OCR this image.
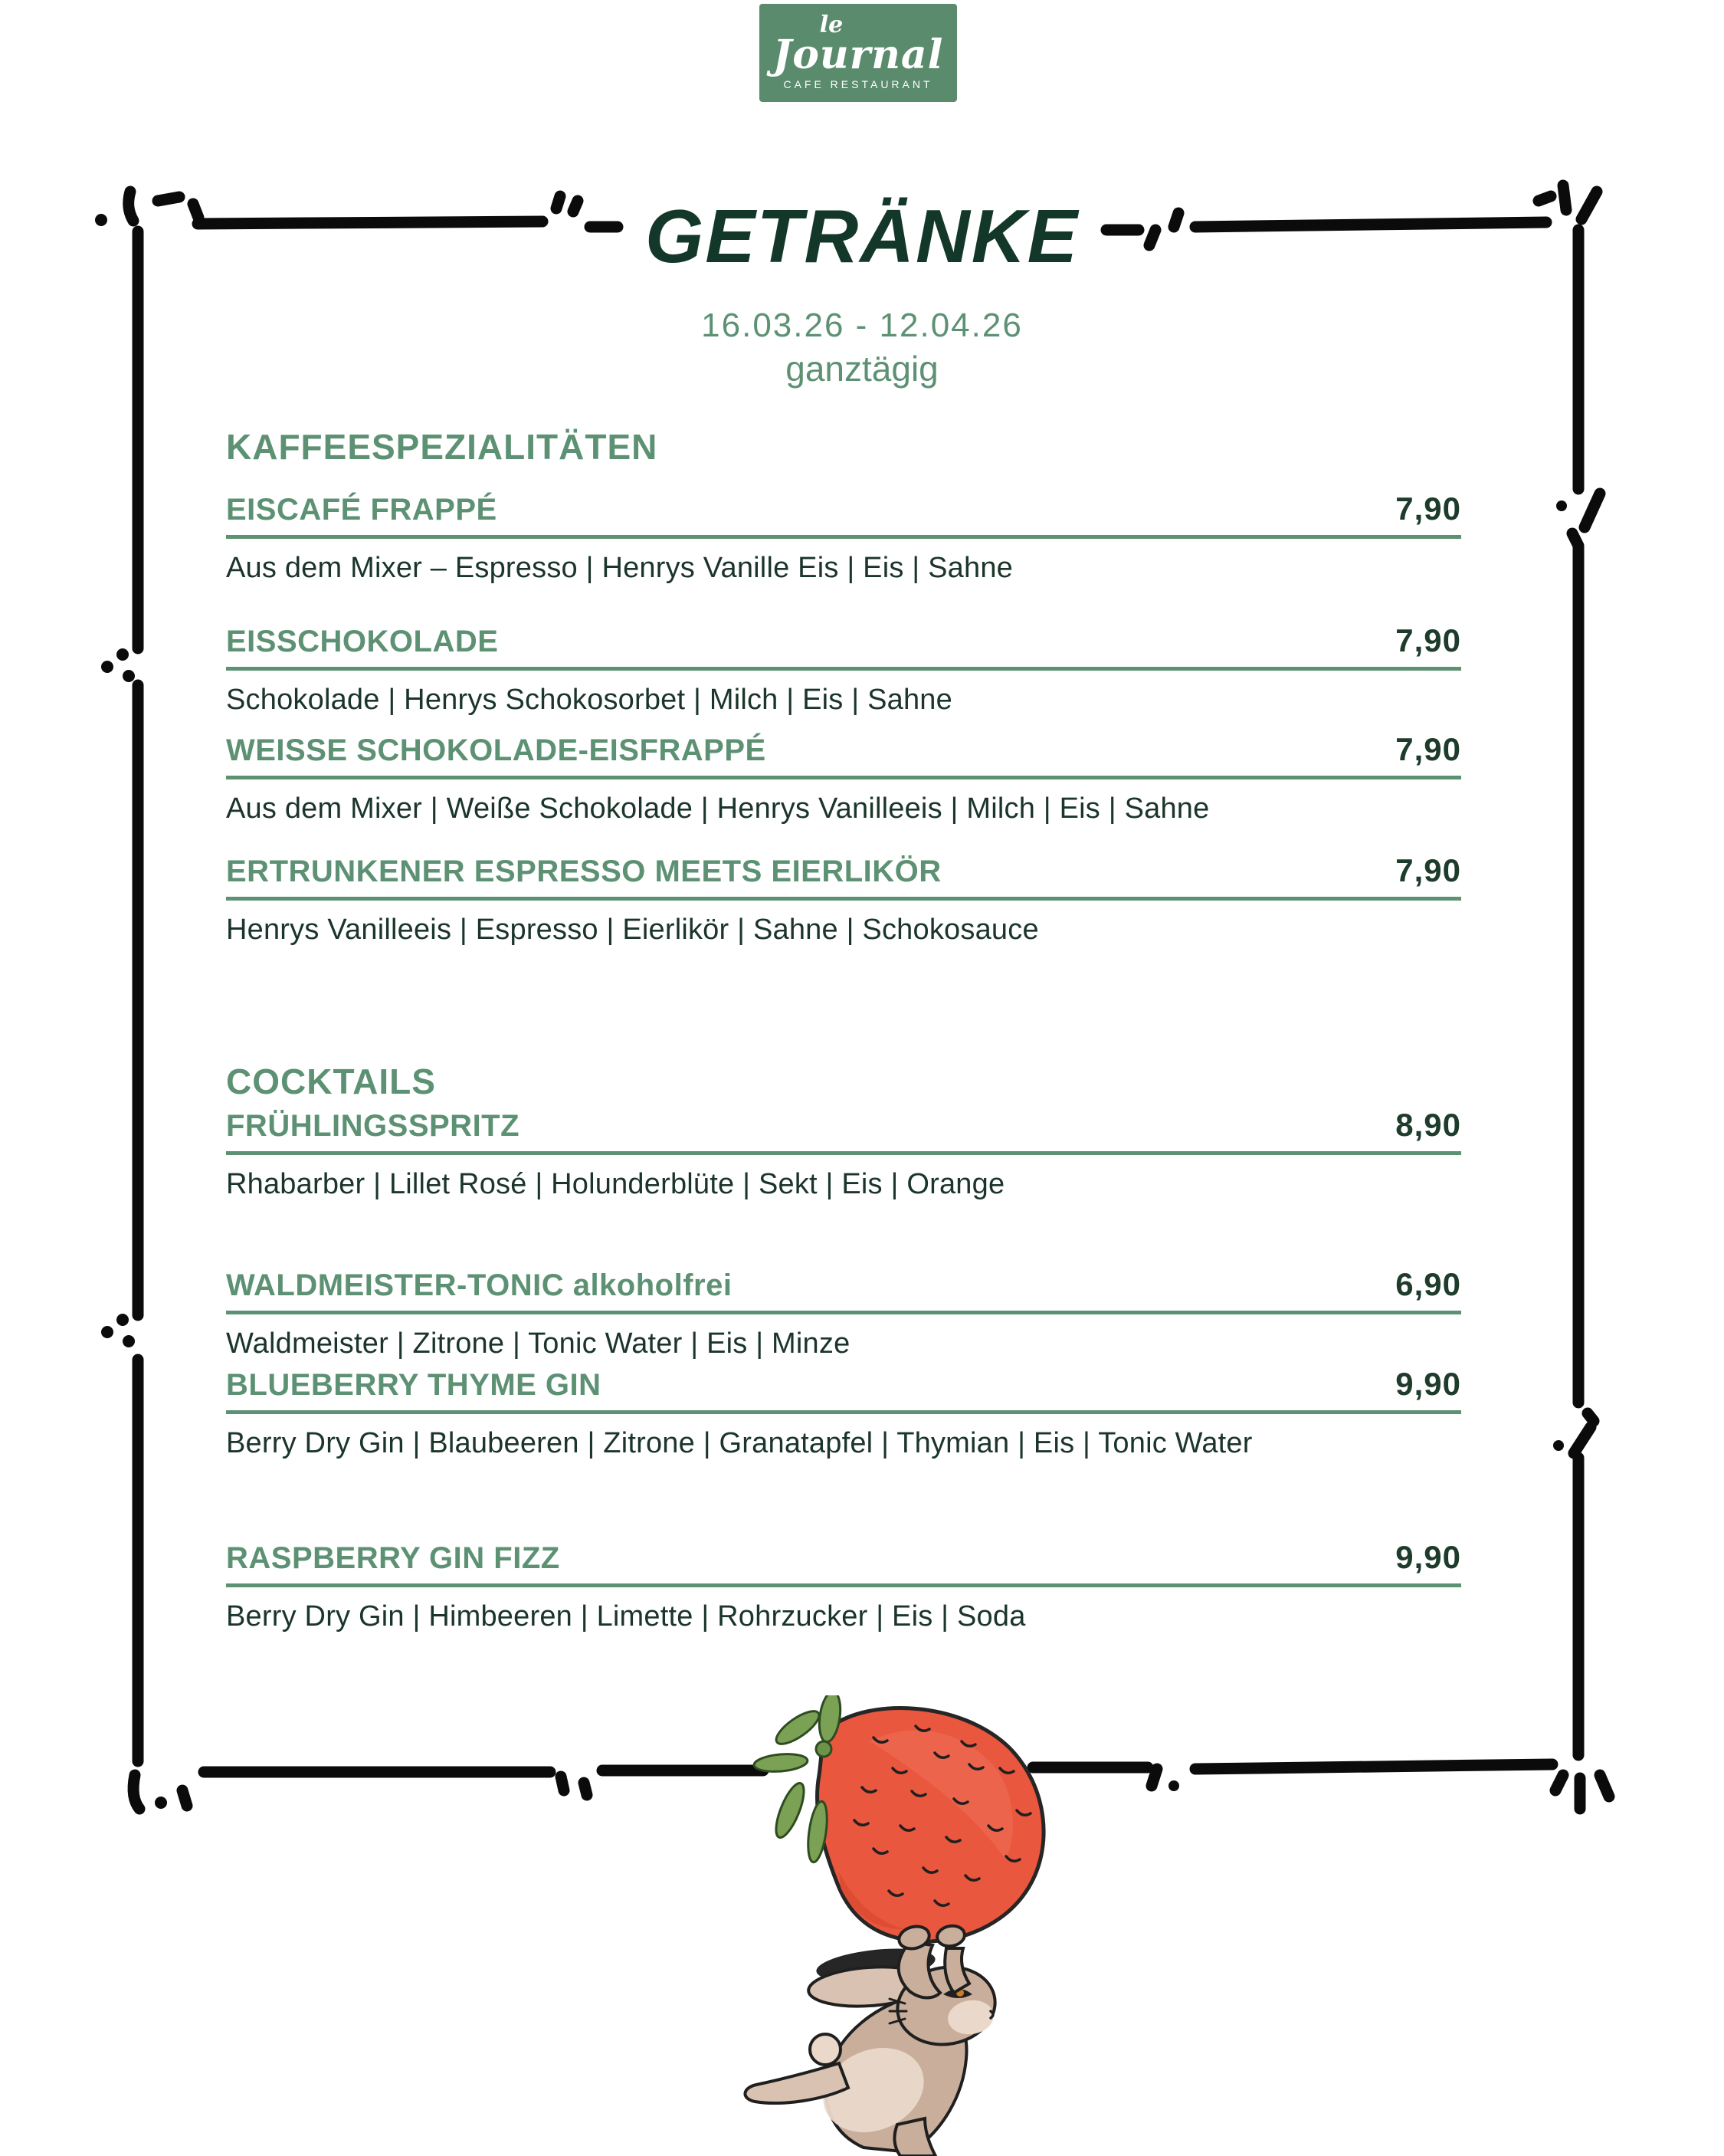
le
Journal
CAFE RESTAURANT
GETRÄNKE
16.03.26 - 12.04.26
ganztägig
KAFFEESPEZIALITÄTEN
EISCAFÉ FRAPPÉ	7,90
Aus dem Mixer – Espresso | Henrys Vanille Eis | Eis | Sahne
EISSCHOKOLADE	7,90
Schokolade | Henrys Schokosorbet | Milch | Eis | Sahne
WEISSE SCHOKOLADE-EISFRAPPÉ	7,90
Aus dem Mixer | Weiße Schokolade | Henrys Vanilleeis | Milch | Eis | Sahne
ERTRUNKENER ESPRESSO MEETS EIERLIKÖR	7,90
Henrys Vanilleeis | Espresso | Eierlikör | Sahne | Schokosauce
COCKTAILS
FRÜHLINGSSPRITZ	8,90
Rhabarber | Lillet Rosé | Holunderblüte | Sekt | Eis | Orange
WALDMEISTER-TONIC alkoholfrei	6,90
Waldmeister | Zitrone | Tonic Water | Eis | Minze
BLUEBERRY THYME GIN	9,90
Berry Dry Gin | Blaubeeren | Zitrone | Granatapfel | Thymian | Eis | Tonic Water
RASPBERRY GIN FIZZ	9,90
Berry Dry Gin | Himbeeren | Limette | Rohrzucker | Eis | Soda
